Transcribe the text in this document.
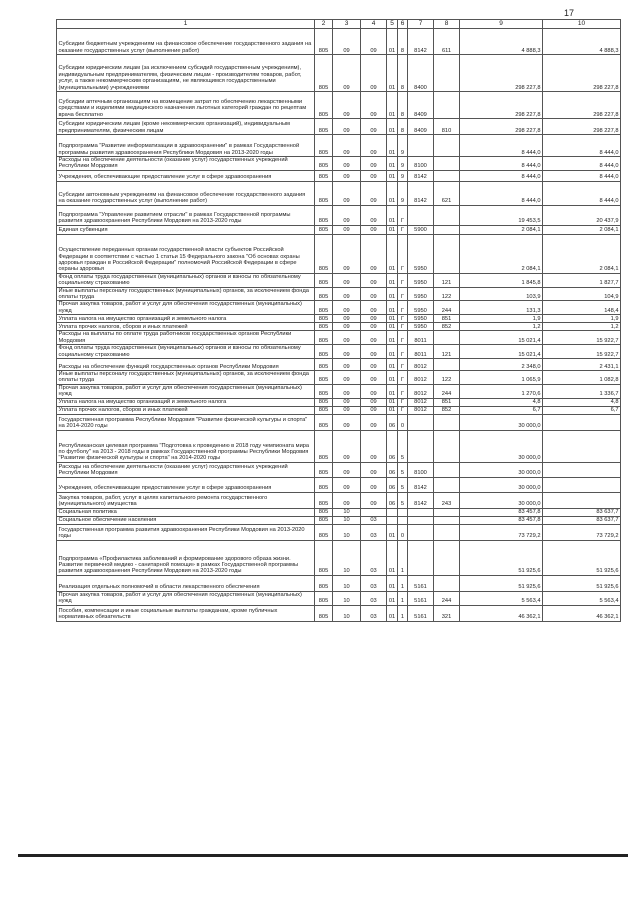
17
1	2	3	4	5	6	7	8	9	10
Субсидии бюджетным учреждениям на финансовое обеспечение государственного задания на оказание государственных услуг (выполнение работ)	805	09	09	01	8	8142	611	4 888,3	4 888,3
Субсидии юридическим лицам (за исключением субсидий государственным учреждениям), индивидуальным предпринимателям, физическим лицам - производителям товаров, работ, услуг, а также некоммерческим организациям, не являющимся государственными (муниципальными) учреждениями	805	09	09	01	8	8400		298 227,8	298 227,8
Субсидии аптечным организациям на возмещение затрат по обеспечению лекарственными средствами и изделиями медицинского назначения льготных категорий граждан по рецептам врача бесплатно	805	09	09	01	8	8409		298 227,8	298 227,8
Субсидии юридическим лицам (кроме некоммерческих организаций), индивидуальным предпринимателям, физическим лицам	805	09	09	01	8	8409	810	298 227,8	298 227,8
Подпрограмма "Развитие информатизации в здравоохранении" в рамках Государственной программы развития здравоохранения Республики Мордовия на 2013-2020 годы	805	09	09	01	9			8 444,0	8 444,0
Расходы на обеспечение деятельности (оказание услуг) государственных учреждений Республики Мордовия	805	09	09	01	9	8100		8 444,0	8 444,0
Учреждения, обеспечивающие предоставление услуг в сфере здравоохранения	805	09	09	01	9	8142		8 444,0	8 444,0
Субсидии автономным учреждениям на финансовое обеспечение государственного задания на оказание государственных услуг (выполнение работ)	805	09	09	01	9	8142	621	8 444,0	8 444,0
Подпрограмма "Управление развитием отрасли" в рамках Государственной программы развития здравоохранения Республики Мордовия на 2013-2020 годы	805	09	09	01	Г			19 453,5	20 437,9
Единая субвенция	805	09	09	01	Г	5900		2 084,1	2 084,1
Осуществление переданных органам государственной власти субъектов Российской Федерации в соответствии с частью 1 статьи 15 Федерального закона "Об основах охраны здоровья граждан в Российской Федерации" полномочий Российской Федерации в сфере охраны здоровья	805	09	09	01	Г	5950		2 084,1	2 084,1
Фонд оплаты труда государственных (муниципальных) органов и взносы по обязательному социальному страхованию	805	09	09	01	Г	5950	121	1 845,8	1 827,7
Иные выплаты персоналу государственных (муниципальных) органов, за исключением фонда оплаты труда	805	09	09	01	Г	5950	122	103,9	104,9
Прочая закупка товаров, работ и услуг для обеспечения государственных (муниципальных) нужд	805	09	09	01	Г	5950	244	131,3	148,4
Уплата налога на имущество организаций и земельного налога	805	09	09	01	Г	5950	851	1,9	1,9
Уплата прочих налогов, сборов и иных платежей	805	09	09	01	Г	5950	852	1,2	1,2
Расходы на выплаты по оплате труда работников государственных органов Республики Мордовия	805	09	09	01	Г	8011		15 021,4	15 922,7
Фонд оплаты труда государственных (муниципальных) органов и взносы по обязательному социальному страхованию	805	09	09	01	Г	8011	121	15 021,4	15 922,7
Расходы на обеспечение функций государственных органов Республики Мордовия	805	09	09	01	Г	8012		2 348,0	2 431,1
Иные выплаты персоналу государственных (муниципальных) органов, за исключением фонда оплаты труда	805	09	09	01	Г	8012	122	1 065,9	1 082,8
Прочая закупка товаров, работ и услуг для обеспечения государственных (муниципальных) нужд	805	09	09	01	Г	8012	244	1 270,6	1 336,7
Уплата налога на имущество организаций и земельного налога	805	09	09	01	Г	8012	851	4,8	4,8
Уплата прочих налогов, сборов и иных платежей	805	09	09	01	Г	8012	852	6,7	6,7
Государственная программа Республики Мордовия "Развитие физической культуры и спорта" на 2014-2020 годы	805	09	09	06	0			30 000,0	
Республиканская целевая программа "Подготовка к проведению в 2018 году чемпионата мира по футболу" на 2013 - 2018 годы в рамках Государственной программы Республики Мордовия "Развитие физической культуры и спорта" на 2014-2020 годы	805	09	09	06	5			30 000,0	
Расходы на обеспечение деятельности (оказание услуг) государственных учреждений Республики Мордовия	805	09	09	06	5	8100		30 000,0	
Учреждения, обеспечивающие предоставление услуг в сфере здравоохранения	805	09	09	06	5	8142		30 000,0	
Закупка товаров, работ, услуг в целях капитального ремонта государственного (муниципального) имущества	805	09	09	06	5	8142	243	30 000,0	
Социальная политика	805	10						83 457,8	83 637,7
Социальное обеспечение населения	805	10	03					83 457,8	83 637,7
Государственная программа развития здравоохранения Республики Мордовия на 2013-2020 годы	805	10	03	01	0			73 729,2	73 729,2
Подпрограмма «Профилактика заболеваний и формирование здорового образа жизни. Развитие первичной медико - санитарной помощи» в рамках Государственной программы развития здравоохранения Республики Мордовия на 2013-2020 годы	805	10	03	01	1			51 925,6	51 925,6
Реализация отдельных полномочий в области лекарственного обеспечения	805	10	03	01	1	5161		51 925,6	51 925,6
Прочая закупка товаров, работ и услуг для обеспечения государственных (муниципальных) нужд	805	10	03	01	1	5161	244	5 563,4	5 563,4
Пособия, компенсации и иные социальные выплаты гражданам, кроме публичных нормативных обязательств	805	10	03	01	1	5161	321	46 362,1	46 362,1
